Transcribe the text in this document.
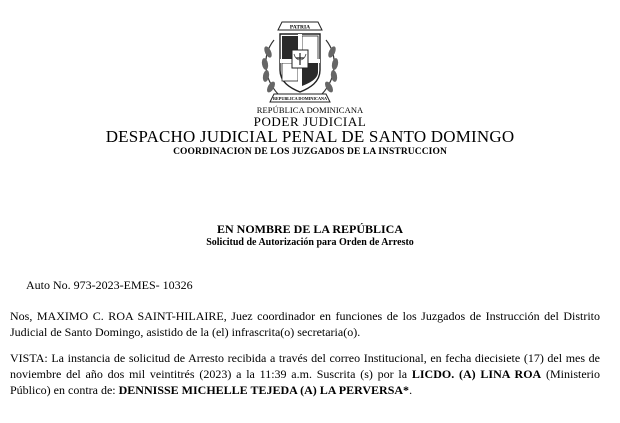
PATRIA
REPUBLICA DOMINICANA
REPÚBLICA DOMINICANA
PODER JUDICIAL
DESPACHO JUDICIAL PENAL DE SANTO DOMINGO
COORDINACION DE LOS JUZGADOS DE LA INSTRUCCION
EN NOMBRE DE LA REPÚBLICA
Solicitud de Autorización para Orden de Arresto
Auto No. 973-2023-EMES- 10326
Nos, MAXIMO C. ROA SAINT-HILAIRE, Juez coordinador en funciones de los Juzgados de Instrucción del Distrito Judicial de Santo Domingo, asistido de la (el) infrascrita(o) secretaria(o).
VISTA: La instancia de solicitud de Arresto recibida a través del correo Institucional, en fecha diecisiete (17) del mes de noviembre del año dos mil veintitrés (2023) a la 11:39 a.m. Suscrita (s) por la LICDO. (A) LINA ROA (Ministerio Público) en contra de: DENNISSE MICHELLE TEJEDA (A) LA PERVERSA*.
